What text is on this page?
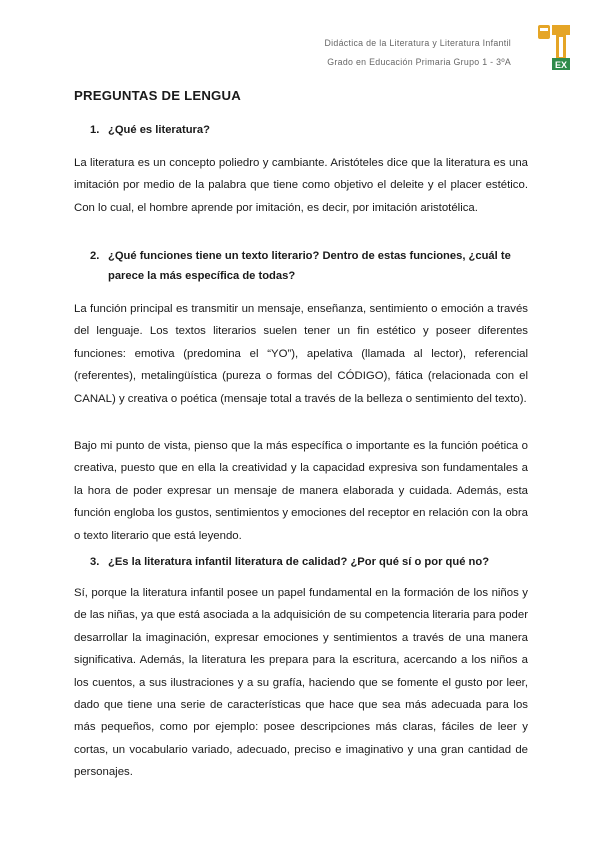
Didáctica de la Literatura y Literatura Infantil
Grado en Educación Primaria Grupo 1 - 3ºA	EX
PREGUNTAS DE LENGUA
1. ¿Qué es literatura?

La literatura es un concepto poliedro y cambiante. Aristóteles dice que la literatura es una imitación por medio de la palabra que tiene como objetivo el deleite y el placer estético. Con lo cual, el hombre aprende por imitación, es decir, por imitación aristotélica.

2. ¿Qué funciones tiene un texto literario? Dentro de estas funciones, ¿cuál te parece la más específica de todas?

La función principal es transmitir un mensaje, enseñanza, sentimiento o emoción a través del lenguaje. Los textos literarios suelen tener un fin estético y poseer diferentes funciones: emotiva (predomina el “YO”), apelativa (llamada al lector), referencial (referentes), metalingüística (pureza o formas del CÓDIGO), fática (relacionada con el CANAL) y creativa o poética (mensaje total a través de la belleza o sentimiento del texto).

Bajo mi punto de vista, pienso que la más específica o importante es la función poética o creativa, puesto que en ella la creatividad y la capacidad expresiva son fundamentales a la hora de poder expresar un mensaje de manera elaborada y cuidada. Además, esta función engloba los gustos, sentimientos y emociones del receptor en relación con la obra o texto literario que está leyendo.

3. ¿Es la literatura infantil literatura de calidad? ¿Por qué sí o por qué no?

Sí, porque la literatura infantil posee un papel fundamental en la formación de los niños y de las niñas, ya que está asociada a la adquisición de su competencia literaria para poder desarrollar la imaginación, expresar emociones y sentimientos a través de una manera significativa. Además, la literatura les prepara para la escritura, acercando a los niños a los cuentos, a sus ilustraciones y a su grafía, haciendo que se fomente el gusto por leer, dado que tiene una serie de características que hace que sea más adecuada para los más pequeños, como por ejemplo: posee descripciones más claras, fáciles de leer y cortas, un vocabulario variado, adecuado, preciso e imaginativo y una gran cantidad de personajes.
